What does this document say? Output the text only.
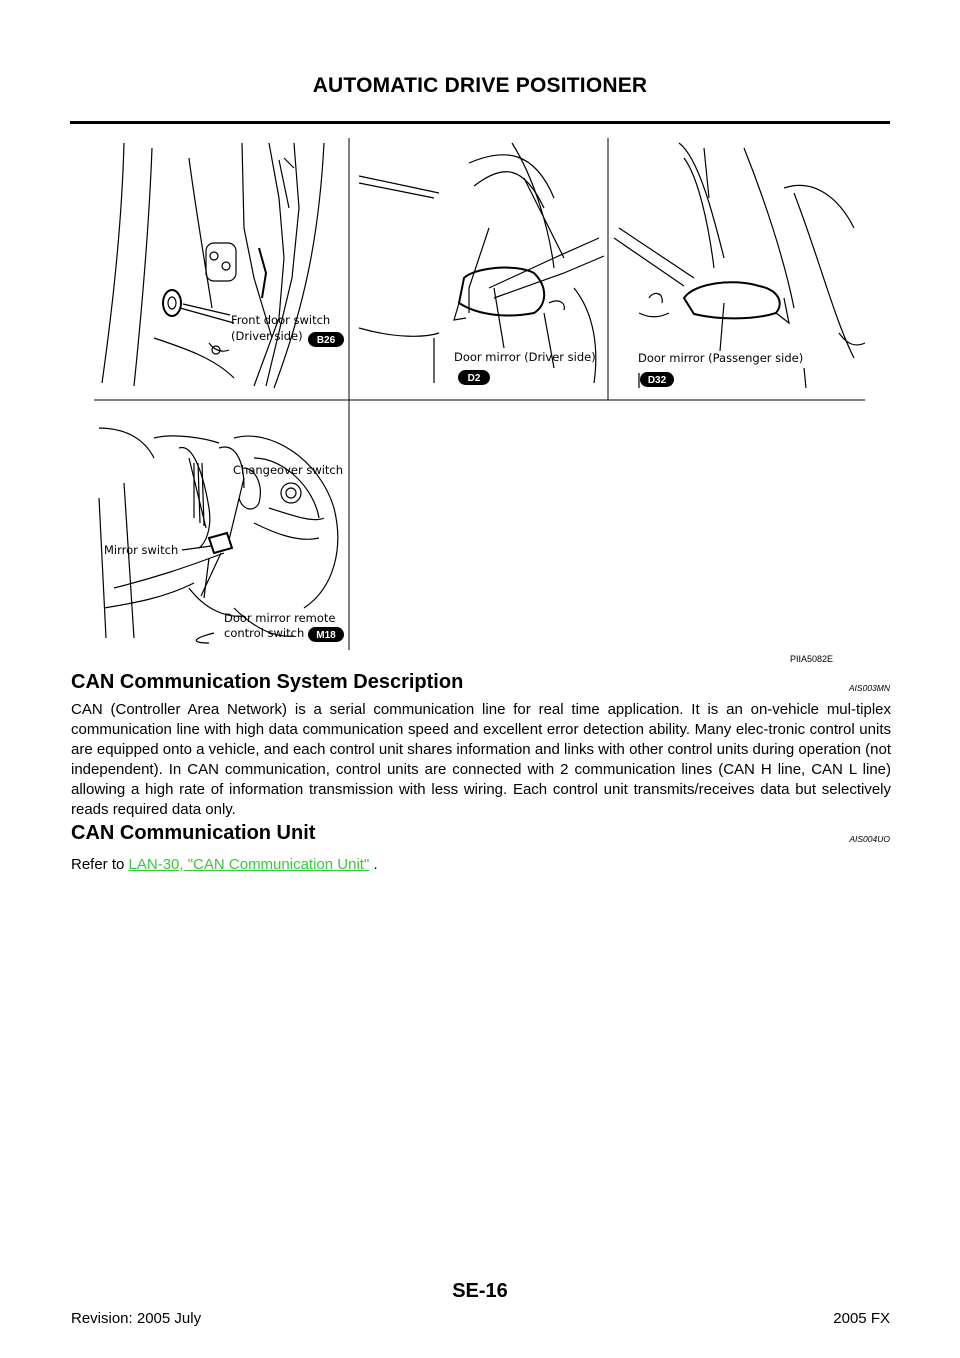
AUTOMATIC DRIVE POSITIONER
Front door switch
(Driver side) B26
Door mirror (Driver side)
D2
Door mirror (Passenger side)
D32
Changeover switch
Mirror switch
Door mirror remote
control switch M18
PIIA5082E
CAN Communication System Description	AIS003MN

CAN (Controller Area Network) is a serial communication line for real time application. It is an on-vehicle mul-tiplex communication line with high data communication speed and excellent error detection ability. Many elec-tronic control units are equipped onto a vehicle, and each control unit shares information and links with other control units during operation (not independent). In CAN communication, control units are connected with 2 communication lines (CAN H line, CAN L line) allowing a high rate of information transmission with less wiring. Each control unit transmits/receives data but selectively reads required data only.

CAN Communication Unit	AIS004UO
Refer to LAN-30, "CAN Communication Unit" .
SE-16
Revision: 2005 July	2005 FX
